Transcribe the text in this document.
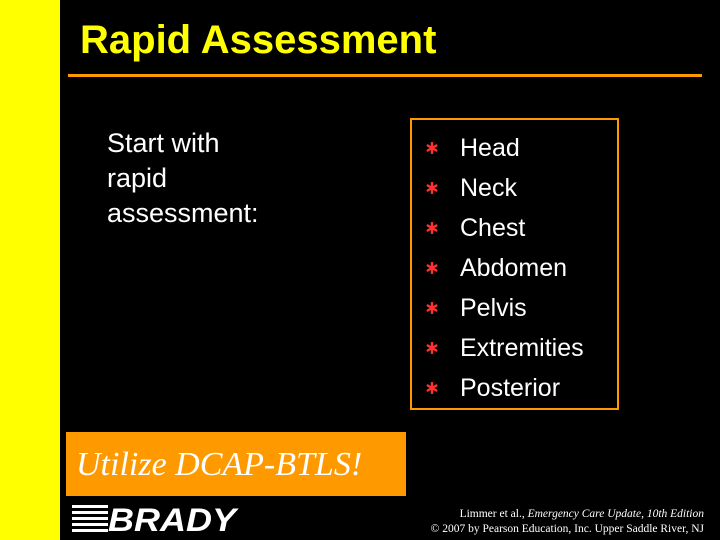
Rapid Assessment
Start with
rapid
assessment:
Head
Neck
Chest
Abdomen
Pelvis
Extremities
Posterior
Utilize DCAP-BTLS!
BRADY	Limmer et al., Emergency Care Update, 10th Edition
© 2007 by Pearson Education, Inc. Upper Saddle River, NJ
